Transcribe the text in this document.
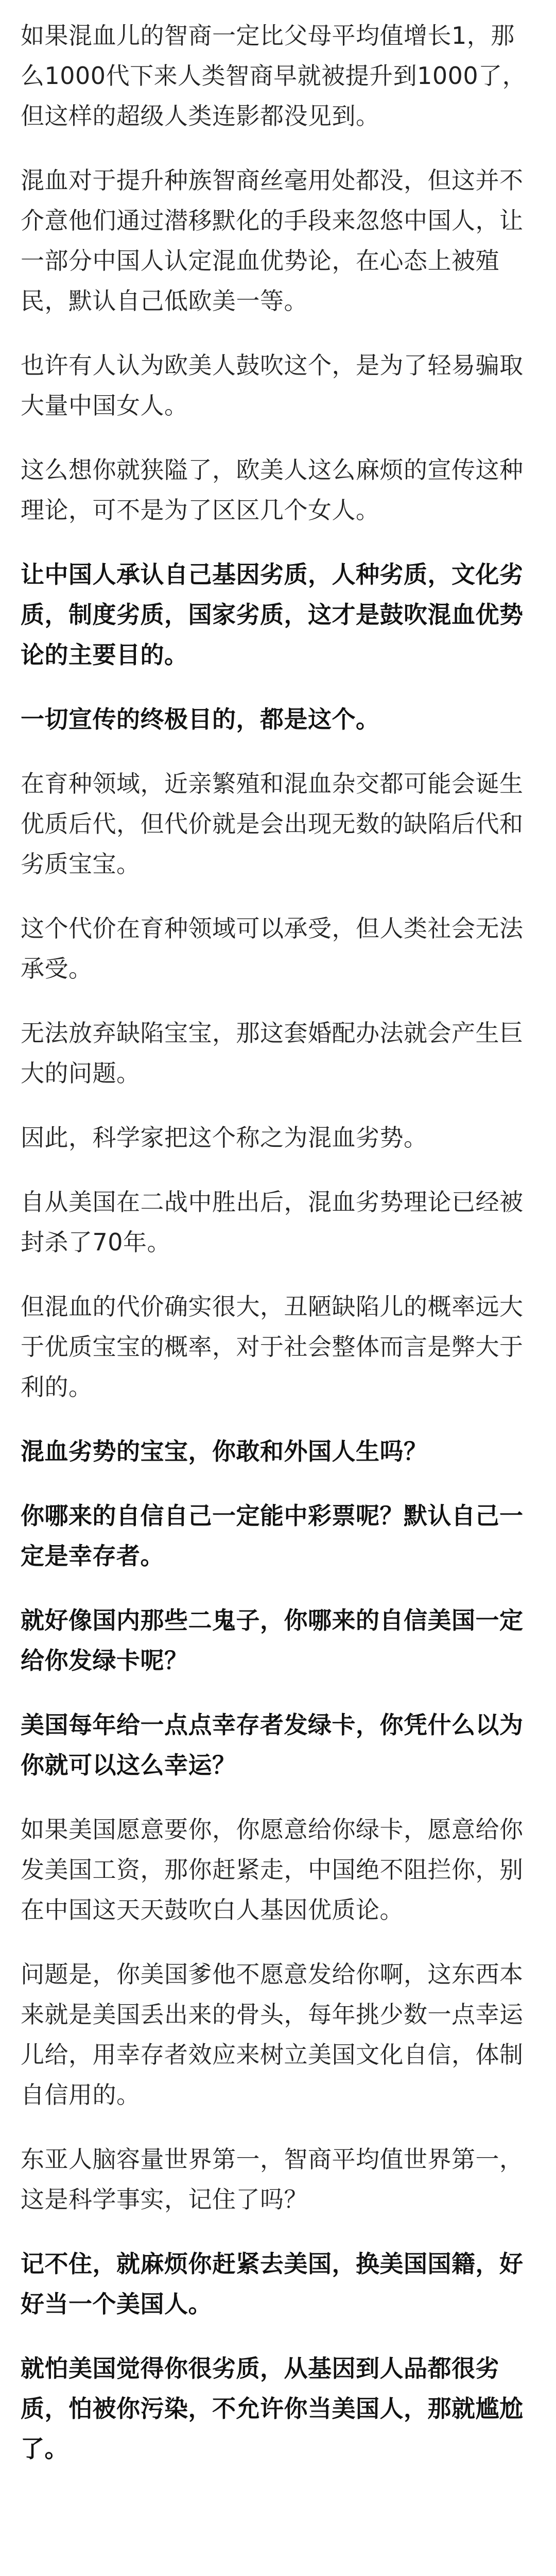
如果混血儿的智商一定比父母平均值增长1，那么1000代下来人类智商早就被提升到1000了，但这样的超级人类连影都没见到。

混血对于提升种族智商丝毫用处都没，但这并不介意他们通过潜移默化的手段来忽悠中国人，让一部分中国人认定混血优势论，在心态上被殖民，默认自己低欧美一等。

也许有人认为欧美人鼓吹这个，是为了轻易骗取大量中国女人。

这么想你就狭隘了，欧美人这么麻烦的宣传这种理论，可不是为了区区几个女人。

让中国人承认自己基因劣质，人种劣质，文化劣质，制度劣质，国家劣质，这才是鼓吹混血优势论的主要目的。

一切宣传的终极目的，都是这个。

在育种领域，近亲繁殖和混血杂交都可能会诞生优质后代，但代价就是会出现无数的缺陷后代和劣质宝宝。

这个代价在育种领域可以承受，但人类社会无法承受。

无法放弃缺陷宝宝，那这套婚配办法就会产生巨大的问题。

因此，科学家把这个称之为混血劣势。

自从美国在二战中胜出后，混血劣势理论已经被封杀了70年。

但混血的代价确实很大，丑陋缺陷儿的概率远大于优质宝宝的概率，对于社会整体而言是弊大于利的。

混血劣势的宝宝，你敢和外国人生吗？

你哪来的自信自己一定能中彩票呢？默认自己一定是幸存者。

就好像国内那些二鬼子，你哪来的自信美国一定给你发绿卡呢？

美国每年给一点点幸存者发绿卡，你凭什么以为你就可以这么幸运？

如果美国愿意要你，你愿意给你绿卡，愿意给你发美国工资，那你赶紧走，中国绝不阻拦你，别在中国这天天鼓吹白人基因优质论。

问题是，你美国爹他不愿意发给你啊，这东西本来就是美国丢出来的骨头，每年挑少数一点幸运儿给，用幸存者效应来树立美国文化自信，体制自信用的。

东亚人脑容量世界第一，智商平均值世界第一，这是科学事实，记住了吗？

记不住，就麻烦你赶紧去美国，换美国国籍，好好当一个美国人。

就怕美国觉得你很劣质，从基因到人品都很劣质，怕被你污染，不允许你当美国人，那就尴尬了。
